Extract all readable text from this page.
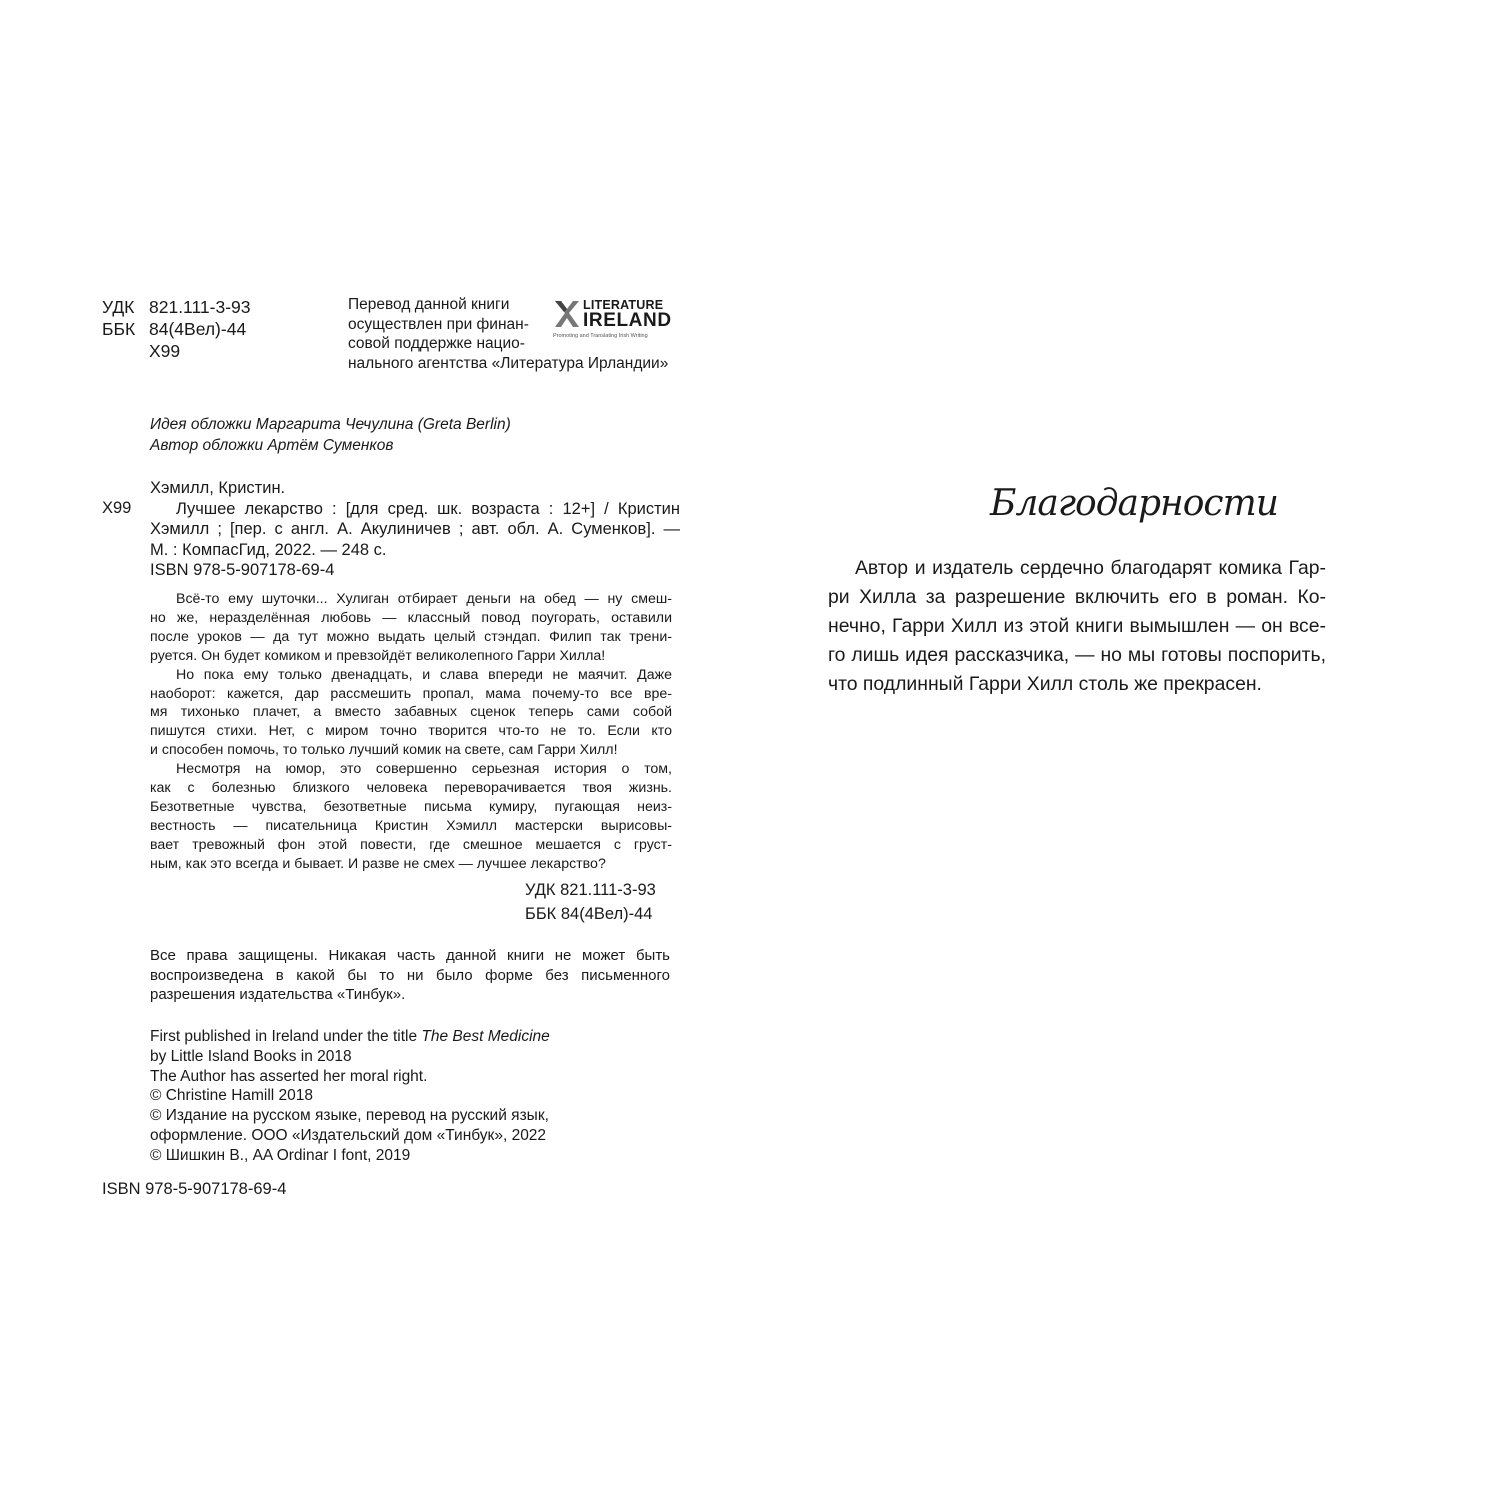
УДК 821.111-3-93
ББК 84(4Вел)-44
Х99
Перевод данной книги
осуществлен при финан-
совой поддержке нацио-
нального агентства «Литература Ирландии»
LITERATURE
IRELAND
Promoting and Translating Irish Writing
Идея обложки Маргарита Чечулина (Greta Berlin)
Автор обложки Артём Суменков
Хэмилл, Кристин.
Х99	Лучшее лекарство : [для сред. шк. возраста : 12+] / Кристин
Хэмилл ; [пер. с англ. А. Акулиничев ; авт. обл. А. Суменков]. —
М. : КомпасГид, 2022. — 248 с.
ISBN 978-5-907178-69-4
Всё-то ему шуточки... Хулиган отбирает деньги на обед — ну смеш-
но же, неразделённая любовь — классный повод поугорать, оставили
после уроков — да тут можно выдать целый стэндап. Филип так трени-
руется. Он будет комиком и превзойдёт великолепного Гарри Хилла!
Но пока ему только двенадцать, и слава впереди не маячит. Даже
наоборот: кажется, дар рассмешить пропал, мама почему-то все вре-
мя тихонько плачет, а вместо забавных сценок теперь сами собой
пишутся стихи. Нет, с миром точно творится что-то не то. Если кто
и способен помочь, то только лучший комик на свете, сам Гарри Хилл!
Несмотря на юмор, это совершенно серьезная история о том,
как с болезнью близкого человека переворачивается твоя жизнь.
Безответные чувства, безответные письма кумиру, пугающая неиз-
вестность — писательница Кристин Хэмилл мастерски вырисовы-
вает тревожный фон этой повести, где смешное мешается с груст-
ным, как это всегда и бывает. И разве не смех — лучшее лекарство?
УДК 821.111-3-93
ББК 84(4Вел)-44
Все права защищены. Никакая часть данной книги не может быть
воспроизведена в какой бы то ни было форме без письменного
разрешения издательства «Тинбук».
First published in Ireland under the title The Best Medicine
by Little Island Books in 2018
The Author has asserted her moral right.
© Christine Hamill 2018
© Издание на русском языке, перевод на русский язык,
оформление. ООО «Издательский дом «Тинбук», 2022
© Шишкин В., AA Ordinar I font, 2019
ISBN 978-5-907178-69-4
Благодарности
Автор и издатель сердечно благодарят комика Гар-
ри Хилла за разрешение включить его в роман. Ко-
нечно, Гарри Хилл из этой книги вымышлен — он все-
го лишь идея рассказчика, — но мы готовы поспорить,
что подлинный Гарри Хилл столь же прекрасен.
